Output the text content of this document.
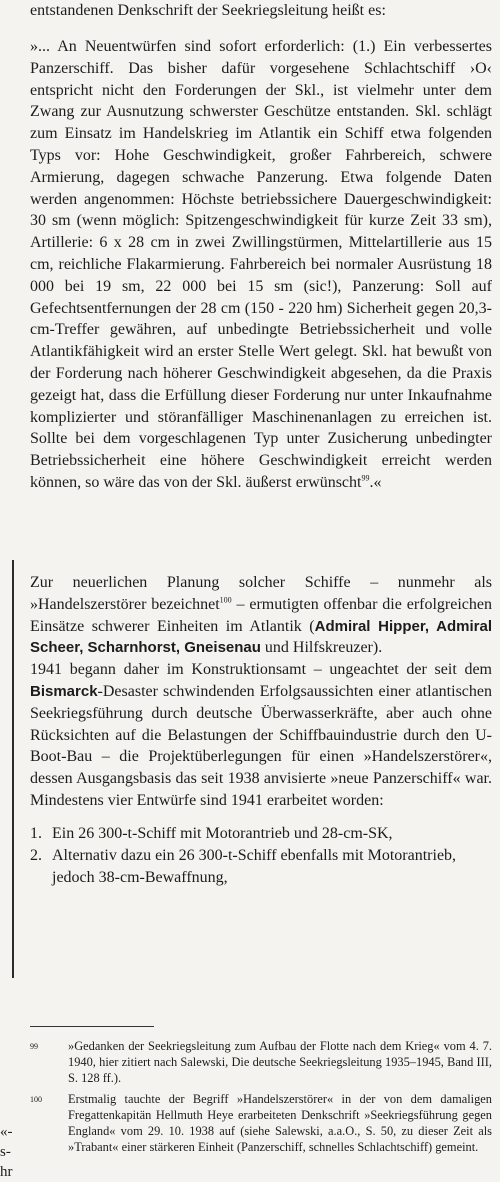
entstandenen Denkschrift der Seekriegsleitung heißt es:

»... An Neuentwürfen sind sofort erforderlich: (1.) Ein verbessertes Panzerschiff. Das bisher dafür vorgesehene Schlachtschiff ›O‹ entspricht nicht den Forderungen der Skl., ist vielmehr unter dem Zwang zur Ausnutzung schwerster Geschütze entstanden. Skl. schlägt zum Einsatz im Handelskrieg im Atlantik ein Schiff etwa folgenden Typs vor: Hohe Geschwindigkeit, großer Fahrbereich, schwere Armierung, dagegen schwache Panzerung. Etwa folgende Daten werden angenommen: Höchste betriebssichere Dauergeschwindigkeit: 30 sm (wenn möglich: Spitzengeschwindigkeit für kurze Zeit 33 sm), Artillerie: 6 x 28 cm in zwei Zwillingstürmen, Mittelartillerie aus 15 cm, reichliche Flakarmierung. Fahrbereich bei normaler Ausrüstung 18 000 bei 19 sm, 22 000 bei 15 sm (sic!), Panzerung: Soll auf Gefechtsentfernungen der 28 cm (150 - 220 hm) Sicherheit gegen 20,3-cm-Treffer gewähren, auf unbedingte Betriebssicherheit und volle Atlantikfähigkeit wird an erster Stelle Wert gelegt. Skl. hat bewußt von der Forderung nach höherer Geschwindigkeit abgesehen, da die Praxis gezeigt hat, dass die Erfüllung dieser Forderung nur unter Inkaufnahme komplizierter und störanfälliger Maschinenanlagen zu erreichen ist. Sollte bei dem vorgeschlagenen Typ unter Zusicherung unbedingter Betriebssicherheit eine höhere Geschwindigkeit erreicht werden können, so wäre das von der Skl. äußerst erwünscht$^{99}$.«

Zur neuerlichen Planung solcher Schiffe – nunmehr als »Handelszerstörer bezeichnet$^{100}$ – ermutigten offenbar die erfolgreichen Einsätze schwerer Einheiten im Atlantik (Admiral Hipper, Admiral Scheer, Scharnhorst, Gneisenau und Hilfskreuzer).

1941 begann daher im Konstruktionsamt – ungeachtet der seit dem Bismarck-Desaster schwindenden Erfolgsaussichten einer atlantischen Seekriegsführung durch deutsche Überwasserkräfte, aber auch ohne Rücksichten auf die Belastungen der Schiffbauindustrie durch den U-Boot-Bau – die Projektüberlegungen für einen »Handelszerstörer«, dessen Ausgangsbasis das seit 1938 anvisierte »neue Panzerschiff« war. Mindestens vier Entwürfe sind 1941 erarbeitet worden:

1. Ein 26 300-t-Schiff mit Motorantrieb und 28-cm-SK,
2. Alternativ dazu ein 26 300-t-Schiff ebenfalls mit Motorantrieb, jedoch 38-cm-Bewaffnung,
99	»Gedanken der Seekriegsleitung zum Aufbau der Flotte nach dem Krieg« vom 4. 7. 1940, hier zitiert nach Salewski, Die deutsche Seekriegsleitung 1935–1945, Band III, S. 128 ff.).
100	Erstmalig tauchte der Begriff »Handelszerstörer« in der von dem damaligen Fregattenkapitän Hellmuth Heye erarbeiteten Denkschrift »Seekriegsführung gegen England« vom 29. 10. 1938 auf (siehe Salewski, a.a.O., S. 50, zu dieser Zeit als »Trabant« einer stärkeren Einheit (Panzerschiff, schnelles Schlachtschiff) gemeint.
«-
s-
hr
